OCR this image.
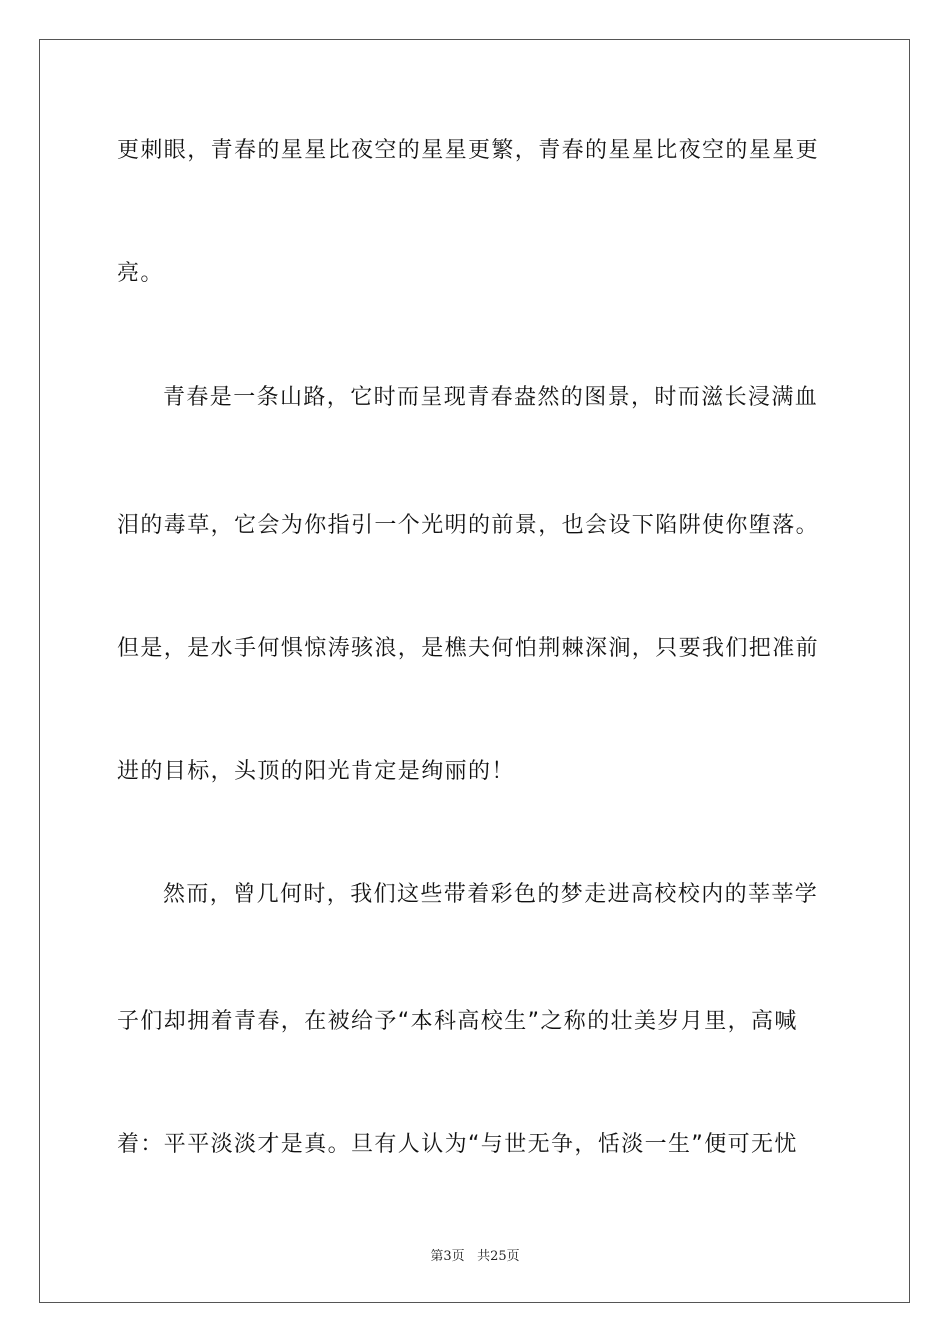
更刺眼，青春的星星比夜空的星星更繁，青春的星星比夜空的星星更
亮。
青春是一条山路，它时而呈现青春盎然的图景，时而滋长浸满血
泪的毒草，它会为你指引一个光明的前景，也会设下陷阱使你堕落。
但是，是水手何惧惊涛骇浪，是樵夫何怕荆棘深涧，只要我们把准前
进的目标，头顶的阳光肯定是绚丽的！
然而，曾几何时，我们这些带着彩色的梦走进高校校内的莘莘学
子们却拥着青春，在被给予“本科高校生”之称的壮美岁月里，高喊
着：平平淡淡才是真。旦有人认为“与世无争，恬淡一生”便可无忧
第3页 共25页
